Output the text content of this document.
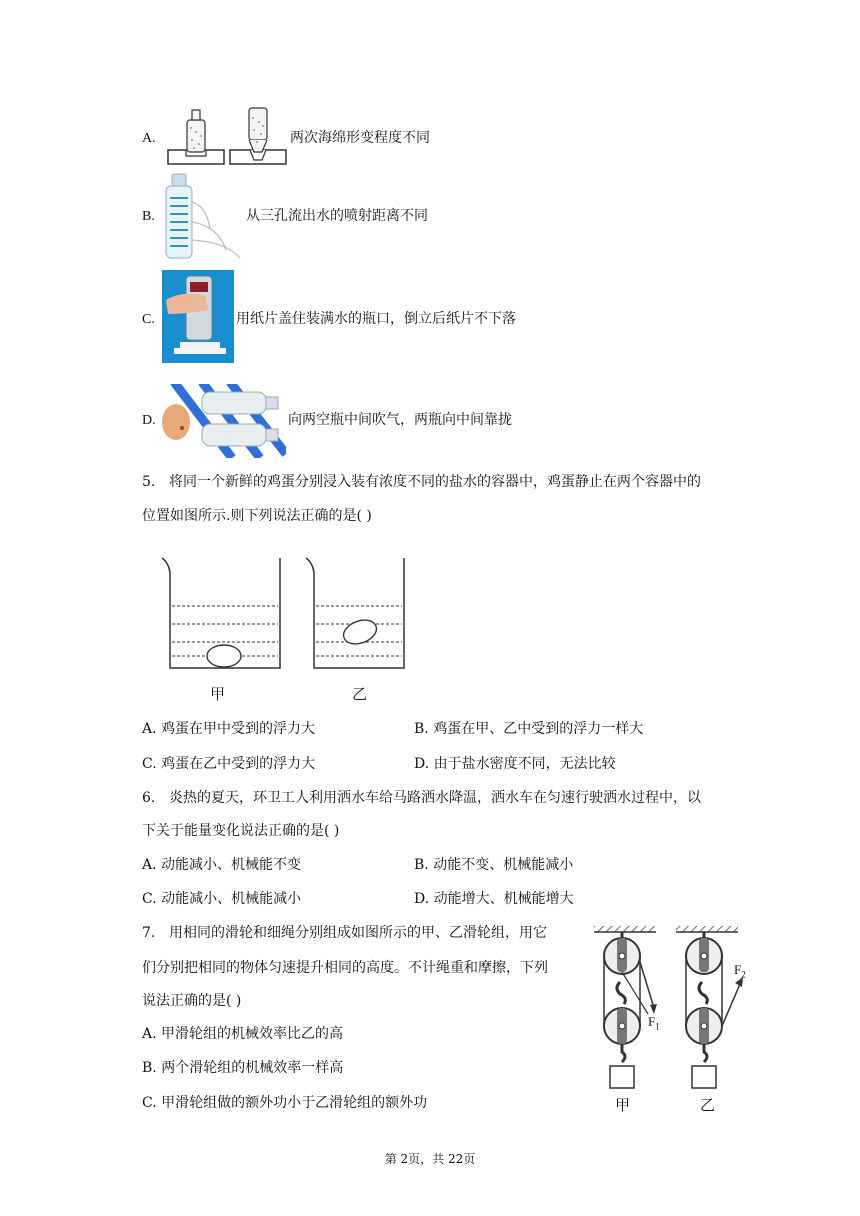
A.	两次海绵形变程度不同
B.	从三孔流出水的喷射距离不同
C.	用纸片盖住装满水的瓶口，倒立后纸片不下落
D.	向两空瓶中间吹气，两瓶向中间靠拢
5. 将同一个新鲜的鸡蛋分别浸入装有浓度不同的盐水的容器中，鸡蛋静止在两个容器中的
位置如图所示.则下列说法正确的是( )
甲	乙
A. 鸡蛋在甲中受到的浮力大	B. 鸡蛋在甲、乙中受到的浮力一样大
C. 鸡蛋在乙中受到的浮力大	D. 由于盐水密度不同，无法比较
6. 炎热的夏天，环卫工人利用洒水车给马路洒水降温，洒水车在匀速行驶洒水过程中，以
下关于能量变化说法正确的是( )
A. 动能减小、机械能不变	B. 动能不变、机械能减小
C. 动能减小、机械能减小	D. 动能增大、机械能增大
7. 用相同的滑轮和细绳分别组成如图所示的甲、乙滑轮组，用它
们分别把相同的物体匀速提升相同的高度。不计绳重和摩擦，下列
说法正确的是( )
A. 甲滑轮组的机械效率比乙的高
B. 两个滑轮组的机械效率一样高
C. 甲滑轮组做的额外功小于乙滑轮组的额外功
$F_1$
$F_2$
甲	乙
第 2页，共 22页
